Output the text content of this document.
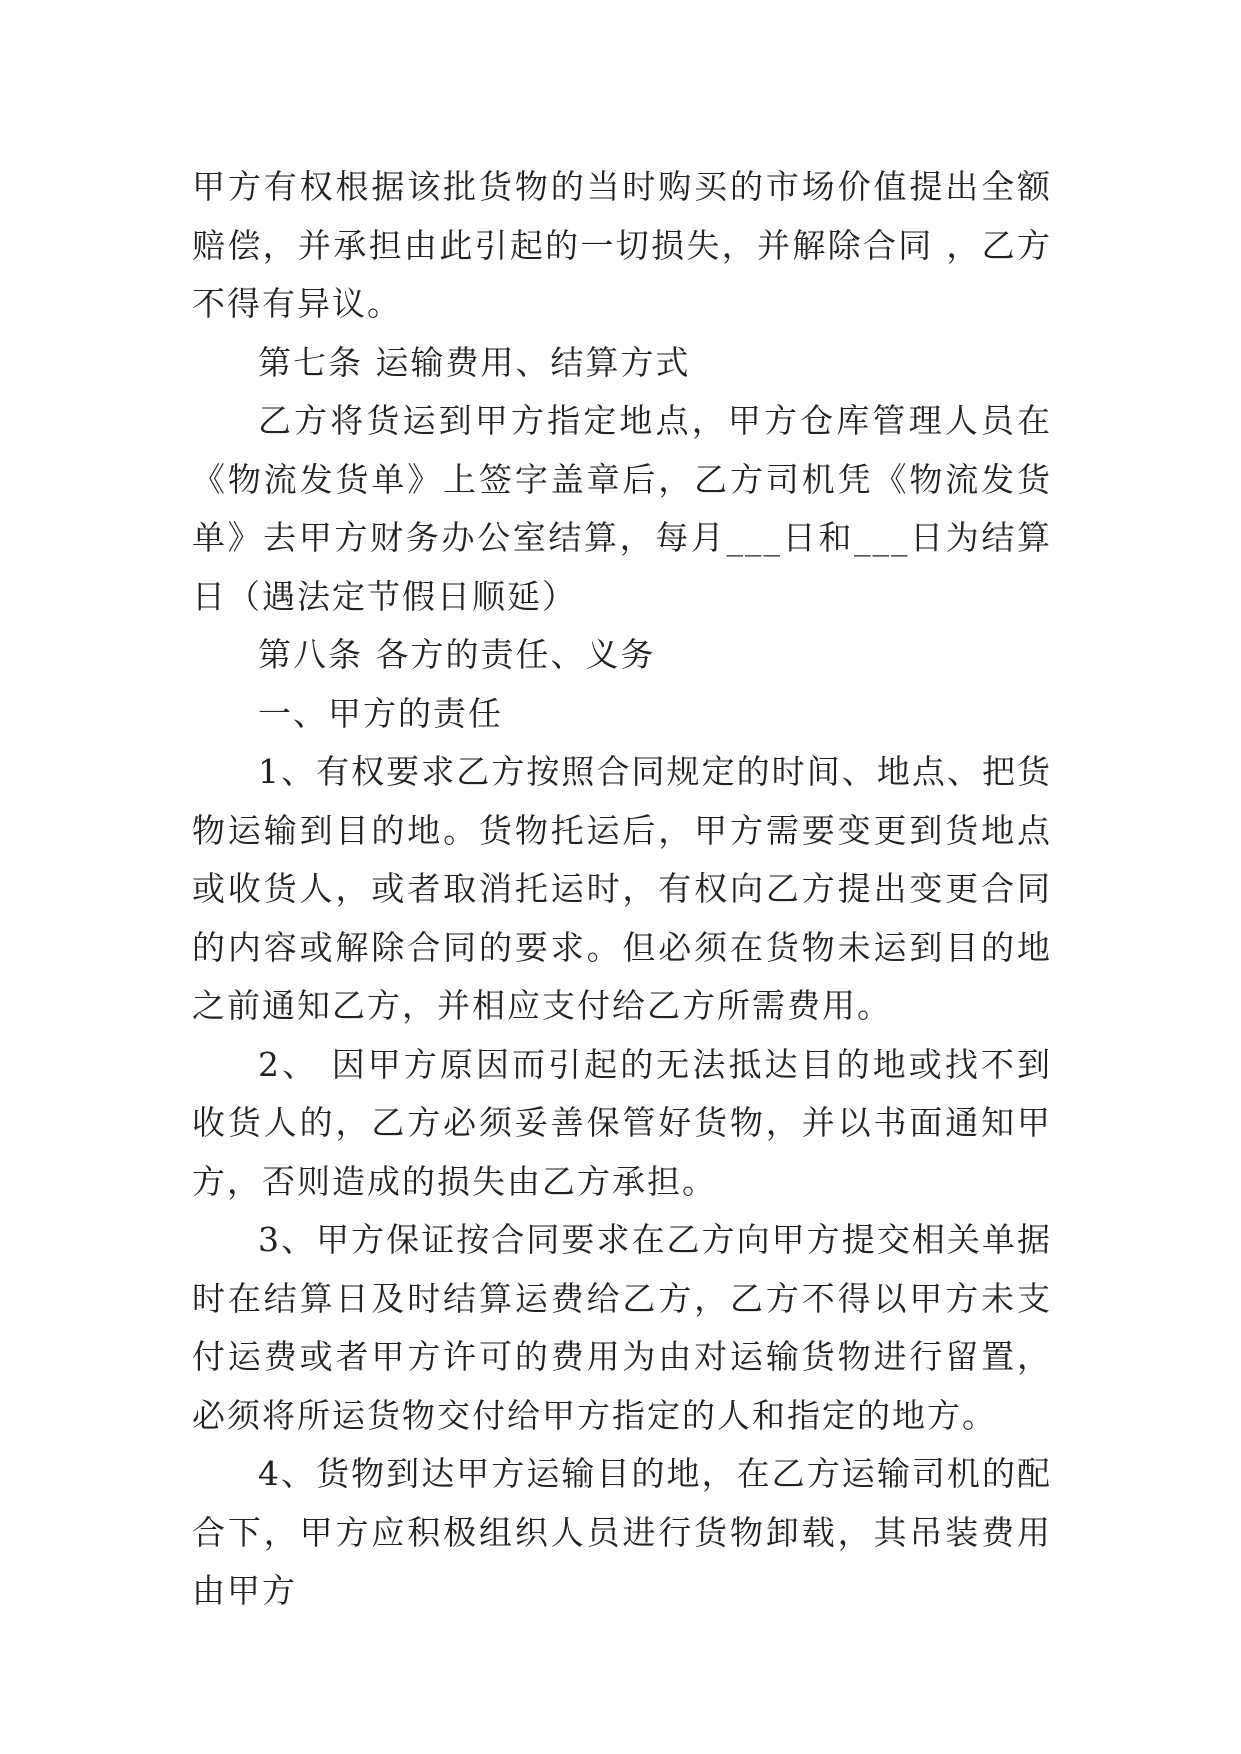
甲方有权根据该批货物的当时购买的市场价值提出全额赔偿，并承担由此引起的一切损失，并解除合同 ，乙方不得有异议。

第七条 运输费用、结算方式

乙方将货运到甲方指定地点，甲方仓库管理人员在《物流发货单》上签字盖章后，乙方司机凭《物流发货单》去甲方财务办公室结算，每月___日和___日为结算日（遇法定节假日顺延）

第八条 各方的责任、义务

一、甲方的责任

1、有权要求乙方按照合同规定的时间、地点、把货物运输到目的地。货物托运后，甲方需要变更到货地点或收货人，或者取消托运时，有权向乙方提出变更合同 的内容或解除合同的要求。但必须在货物未运到目的地之前通知乙方，并相应支付给乙方所需费用。

2、 因甲方原因而引起的无法抵达目的地或找不到收货人的，乙方必须妥善保管好货物，并以书面通知甲方，否则造成的损失由乙方承担。

3、甲方保证按合同要求在乙方向甲方提交相关单据时在结算日及时结算运费给乙方，乙方不得以甲方未支付运费或者甲方许可的费用为由对运输货物进行留置，必须将所运货物交付给甲方指定的人和指定的地方。

4、货物到达甲方运输目的地，在乙方运输司机的配合下，甲方应积极组织人员进行货物卸载，其吊装费用由甲方
